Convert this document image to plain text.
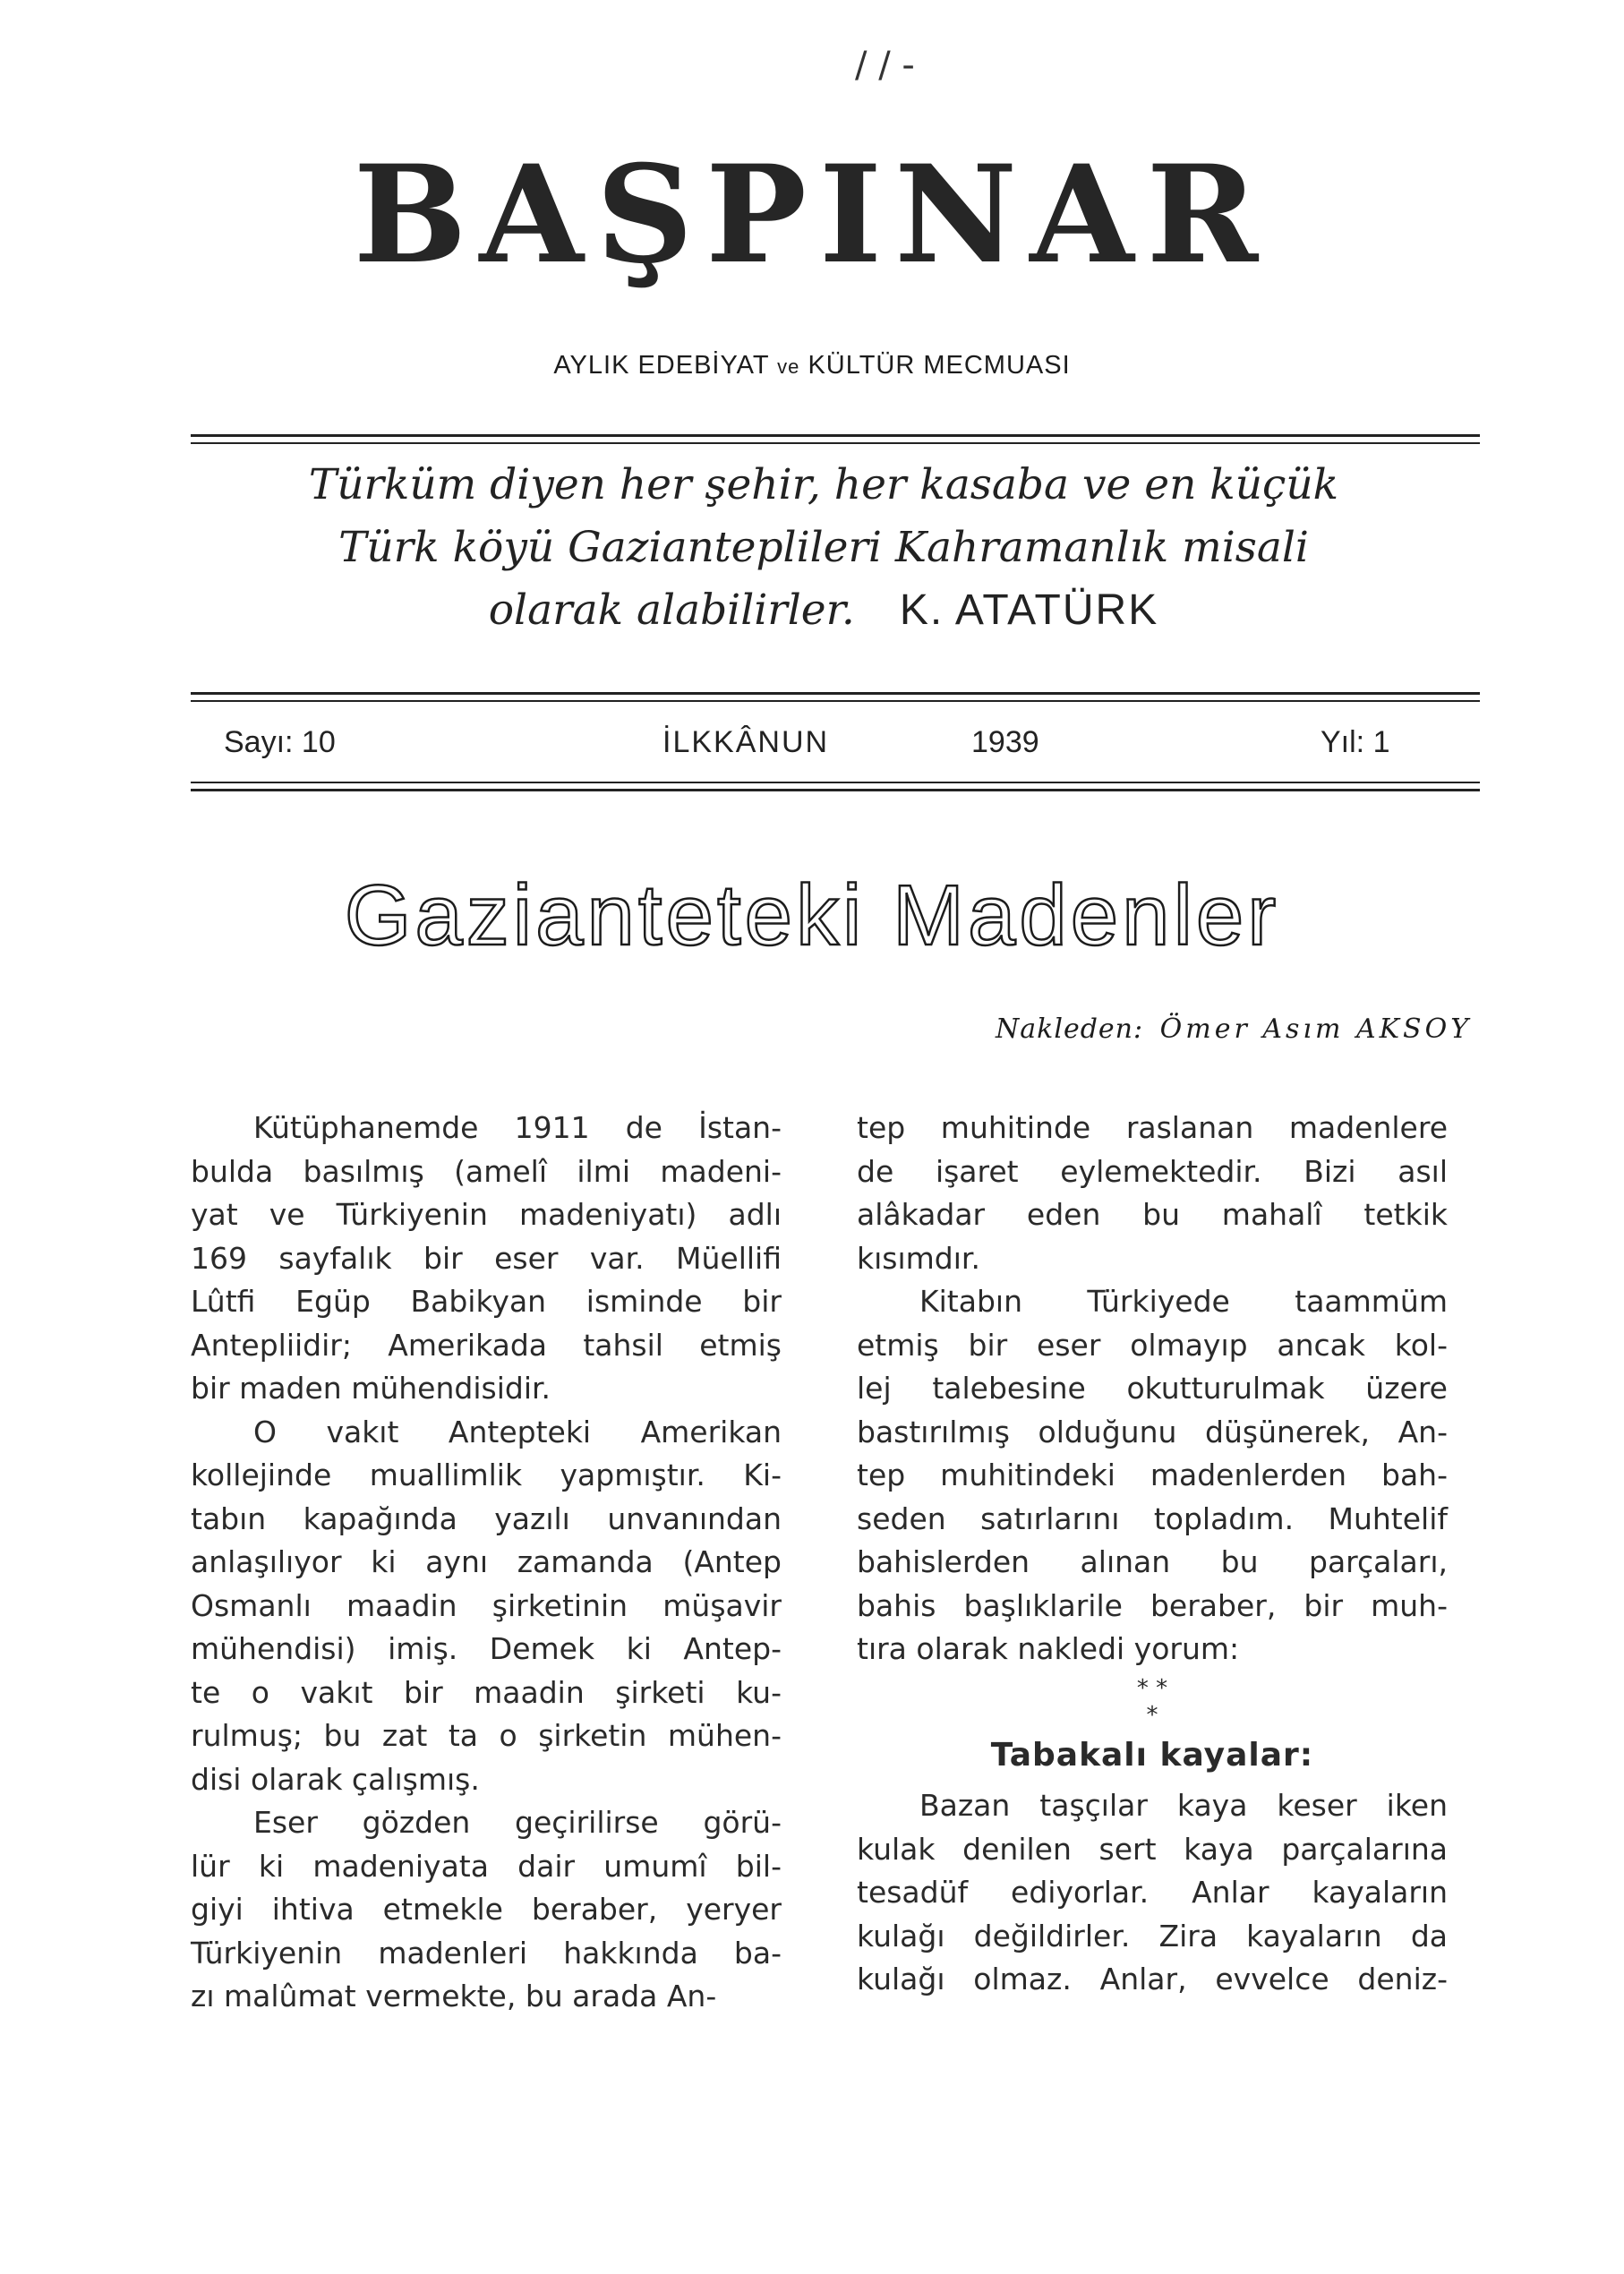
/ / -
BAŞPINAR
AYLIK EDEBİYAT ve KÜLTÜR MECMUASI
Türküm diyen her şehir, her kasaba ve en küçük
Türk köyü Gazianteplileri Kahramanlık misali
olarak alabilirler. K. ATATÜRK
Sayı: 10	İLKKÂNUN	1939	Yıl: 1
Gazianteteki Madenler
Nakleden: Ömer Asım AKSOY

Kütüphanemde 1911 de İstan-
bulda basılmış (amelî ilmi madeni-
yat ve Türkiyenin madeniyatı) adlı
169 sayfalık bir eser var. Müellifi
Lûtfi Egüp Babikyan isminde bir
Antepliidir; Amerikada tahsil etmiş
bir maden mühendisidir.

O vakıt Antepteki Amerikan
kollejinde muallimlik yapmıştır. Ki-
tabın kapağında yazılı unvanından
anlaşılıyor ki aynı zamanda (Antep
Osmanlı maadin şirketinin müşavir
mühendisi) imiş. Demek ki Antep-
te o vakıt bir maadin şirketi ku-
rulmuş; bu zat ta o şirketin mühen-
disi olarak çalışmış.

Eser gözden geçirilirse görü-
lür ki madeniyata dair umumî bil-
giyi ihtiva etmekle beraber, yeryer
Türkiyenin madenleri hakkında ba-
zı malûmat vermekte, bu arada An-

tep muhitinde raslanan madenlere
de işaret eylemektedir. Bizi asıl
alâkadar eden bu mahalî tetkik
kısımdır.

Kitabın Türkiyede taammüm
etmiş bir eser olmayıp ancak kol-
lej talebesine okutturulmak üzere
bastırılmış olduğunu düşünerek, An-
tep muhitindeki madenlerden bah-
seden satırlarını topladım. Muhtelif
bahislerden alınan bu parçaları,
bahis başlıklarile beraber, bir muh-
tıra olarak nakledi yorum:

* *
*
Tabakalı kayalar:

Bazan taşçılar kaya keser iken
kulak denilen sert kaya parçalarına
tesadüf ediyorlar. Anlar kayaların
kulağı değildirler. Zira kayaların da
kulağı olmaz. Anlar, evvelce deniz-
